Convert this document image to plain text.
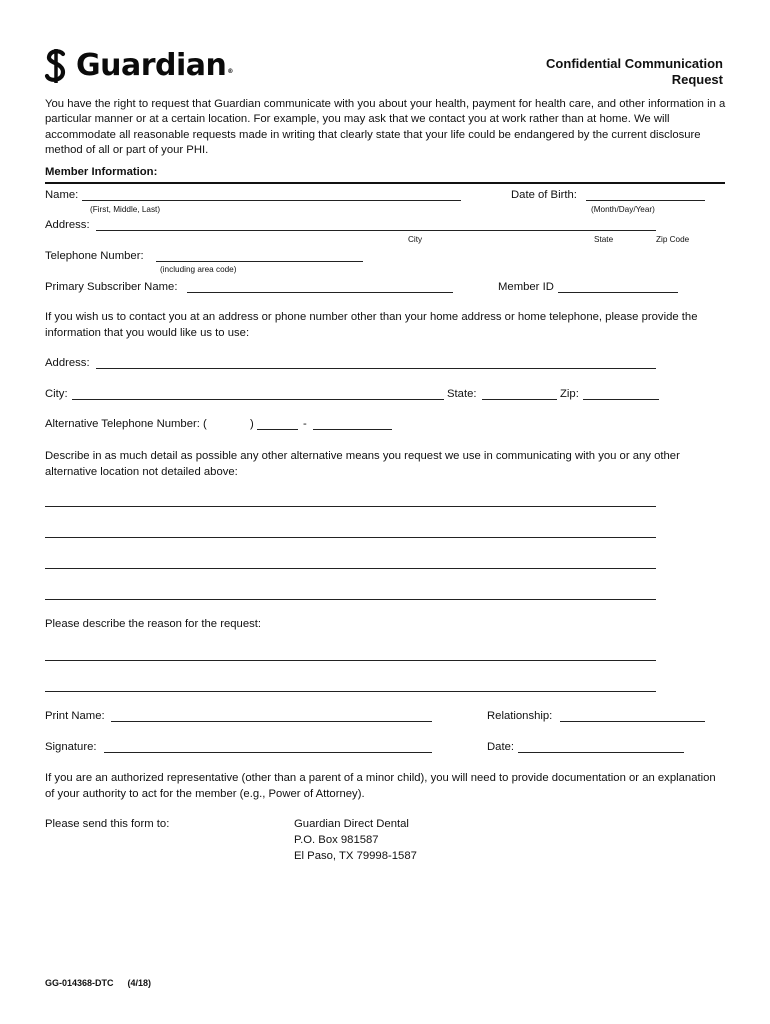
Guardian®
Confidential Communication
Request
You have the right to request that Guardian communicate with you about your health, payment for health care, and other information in a particular manner or at a certain location. For example, you may ask that we contact you at work rather than at home. We will accommodate all reasonable requests made in writing that clearly state that your life could be endangered by the current disclosure method of all or part of your PHI.
Member Information:
Name:
(First, Middle, Last)
Date of Birth:
(Month/Day/Year)
Address:
City	State	Zip Code
Telephone Number:
(including area code)
Primary Subscriber Name:	Member ID
If you wish us to contact you at an address or phone number other than your home address or home telephone, please provide the information that you would like us to use:
Address:
City:	State:	Zip:
Alternative Telephone Number: (	)	-
Describe in as much detail as possible any other alternative means you request we use in communicating with you or any other alternative location not detailed above:
Please describe the reason for the request:
Print Name:	Relationship:
Signature:	Date:
If you are an authorized representative (other than a parent of a minor child), you will need to provide documentation or an explanation of your authority to act for the member (e.g., Power of Attorney).
Please send this form to:	Guardian Direct Dental
P.O. Box 981587
El Paso, TX 79998-1587
GG-014368-DTC (4/18)
